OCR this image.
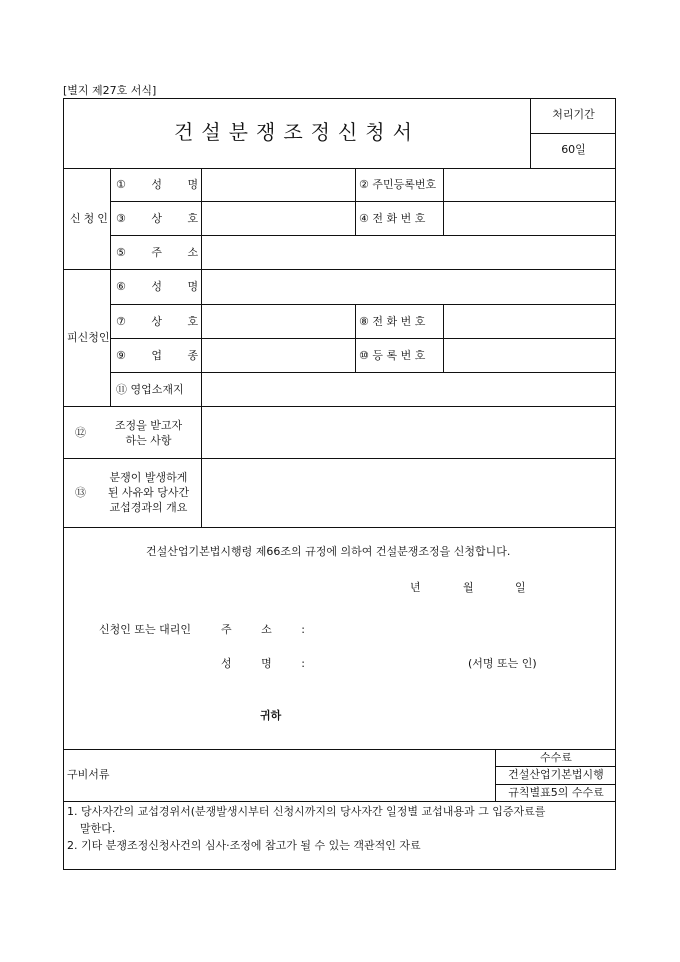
[별지 제27호 서식]
건설분쟁조정신청서
처리기간
60일
신청인
① 성 명	② 주민등록번호
③ 상 호	④ 전 화 번 호
⑤ 주 소
피신청인
⑥ 성 명
⑦ 상 호	⑧ 전 화 번 호
⑨ 업 종	⑩ 등 록 번 호
⑪ 영업소재지
⑫
조정을 받고자
하는 사항
⑬
분쟁이 발생하게
된 사유와 당사간
교섭경과의 개요
건설산업기본법시행령 제66조의 규정에 의하여 건설분쟁조정을 신청합니다.
년	월	일
신청인 또는 대리인	주 소 :
성 명 :	(서명 또는 인)
귀하
구비서류
수수료
건설산업기본법시행
규칙별표5의 수수료
1. 당사자간의 교섭경위서(분쟁발생시부터 신청시까지의 당사자간 일정별 교섭내용과 그 입증자료를
말한다.
2. 기타 분쟁조정신청사건의 심사·조정에 참고가 될 수 있는 객관적인 자료
